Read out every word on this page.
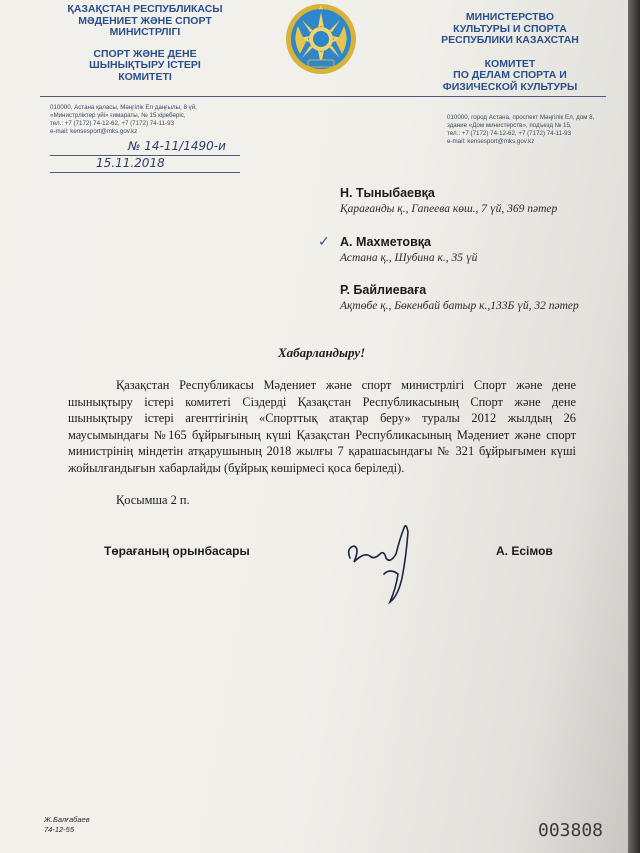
ҚАЗАҚСТАН РЕСПУБЛИКАСЫ
МӘДЕНИЕТ ЖӘНЕ СПОРТ
МИНИСТРЛІГІ
СПОРТ ЖӘНЕ ДЕНЕ
ШЫНЫҚТЫРУ ІСТЕРІ
КОМИТЕТІ
МИНИСТЕРСТВО
КУЛЬТУРЫ И СПОРТА
РЕСПУБЛИКИ КАЗАХСТАН
КОМИТЕТ
ПО ДЕЛАМ СПОРТА И
ФИЗИЧЕСКОЙ КУЛЬТУРЫ
010000, Астана қаласы, Мәңгілік Ел даңғылы, 8 үй,
«Министрліктер үйі» ғимараты, № 15 кіреберіс,
тел.: +7 (7172) 74-12-62, +7 (7172) 74-11-93
e-mail: kensesport@mks.gov.kz
010000, город Астана, проспект Мәңгілік Ел, дом 8,
здание «Дом министерств», подъезд № 15,
тел.: +7 (7172) 74-12-62, +7 (7172) 74-11-93
e-mail: kensesport@mks.gov.kz
№ 14-11/1490-и
15.11.2018
Н. Тыныбаевқа
Қарағанды қ., Гапеева көш., 7 үй, 369 пәтер
✓ А. Махметовқа
Астана қ., Шубина к., 35 үй
Р. Байлиеваға
Ақтөбе қ., Бөкенбай батыр к.,133Б үй, 32 пәтер
Хабарландыру!
Қазақстан Республикасы Мәдениет және спорт министрлігі Спорт және дене шынықтыру істері комитеті Сіздерді Қазақстан Республикасының Спорт және дене шынықтыру істері агенттігінің «Спорттық атақтар беру» туралы 2012 жылдың 26 маусымындағы №165 бұйрығының күші Қазақстан Республикасының Мәдениет және спорт министрінің міндетін атқарушының 2018 жылғы 7 қарашасындағы № 321 бұйрығымен күші жойылғандығын хабарлайды (бұйрық көшірмесі қоса беріледі).
Қосымша 2 п.
Төрағаның орынбасары	А. Есімов
Ж.Балғабаев
74-12-55	003808
